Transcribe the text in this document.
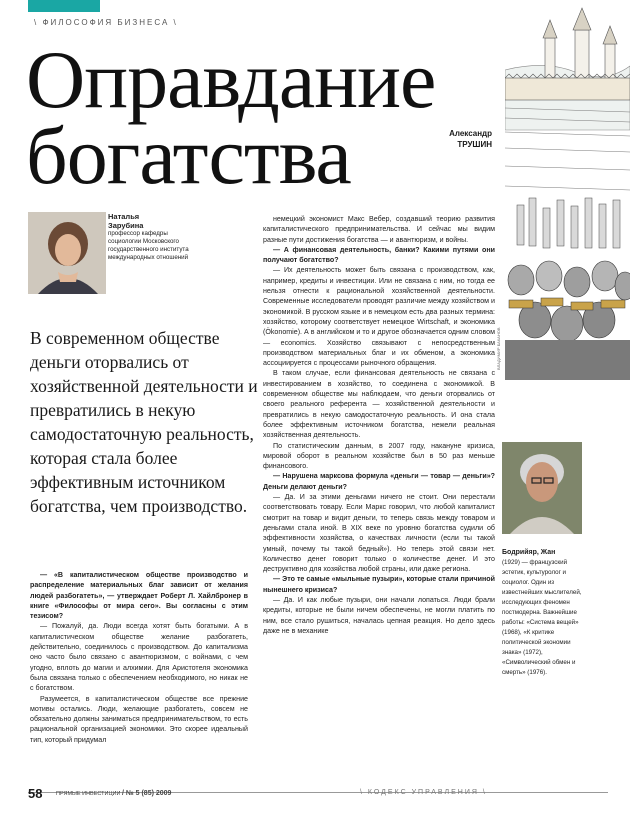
\ ФИЛОСОФИЯ БИЗНЕСА \
Оправдание
богатства	Александр
ТРУШИН
ВЛАДИМИР БАКАНОВ
Наталья
Зарубина
профессор кафедры социологии Московского государственного института международных отношений
В современном обществе деньги оторвались от хозяйственной деятельности и превратились в некую самодостаточную реальность, которая стала более эффективным источником богатства, чем производство.

— «В капиталистическом обществе производство и распределение материальных благ зависит от желания людей разбогатеть», — утверждает Роберт Л. Хайлбронер в книге «Философы от мира сего». Вы согласны с этим тезисом?

— Пожалуй, да. Люди всегда хотят быть богатыми. А в капиталистическом обществе желание разбогатеть, действительно, соединилось с производством. До капитализма оно часто было связано с авантюризмом, с войнами, с чем угодно, вплоть до магии и алхимии. Для Аристотеля экономика была связана только с обеспечением необходимого, но никак не с богатством.

Разумеется, в капиталистическом обществе все прежние мотивы остались. Люди, желающие разбогатеть, совсем не обязательно должны заниматься предпринимательством, то есть рациональной организацией экономики. Это скорее идеальный тип, который придумал

немецкий экономист Макс Вебер, создавший теорию развития капиталистического предпринимательства. И сейчас мы видим разные пути достижения богатства — и авантюризм, и войны.

— А финансовая деятельность, банки? Какими путями они получают богатство?

— Их деятельность может быть связана с производством, как, например, кредиты и инвестиции. Или не связана с ним, но тогда ее нельзя отнести к рациональной хозяйственной деятельности. Современные исследователи проводят различие между хозяйством и экономикой. В русском языке и в немецком есть два разных термина: хозяйство, которому соответствует немецкое Wirtschaft, и экономика (Ökonomie). А в английском и то и другое обозначается одним словом — economics. Хозяйство связывают с непосредственным производством материальных благ и их обменом, а экономика ассоциируется с процессами рыночного обращения.

В таком случае, если финансовая деятельность не связана с инвестированием в хозяйство, то соединена с экономикой. В современном обществе мы наблюдаем, что деньги оторвались от своего реального референта — хозяйственной деятельности и превратились в некую самодостаточную реальность. И она стала более эффективным источником богатства, нежели реальная хозяйственная деятельность.

По статистическим данным, в 2007 году, накануне кризиса, мировой оборот в реальном хозяйстве был в 50 раз меньше финансового.

— Нарушена марксова формула «деньги — товар — деньги»? Деньги делают деньги?

— Да. И за этими деньгами ничего не стоит. Они перестали соответствовать товару. Если Маркс говорил, что любой капиталист смотрит на товар и видит деньги, то теперь связь между товаром и деньгами стала иной. В XIX веке по уровню богатства судили об эффективности хозяйства, о качествах личности (если ты такой умный, почему ты такой бедный»). Но теперь этой связи нет. Количество денег говорит только о количестве денег. И это деструктивно для хозяйства любой страны, или даже региона.

— Это те самые «мыльные пузыри», которые стали причиной нынешнего кризиса?

— Да. И как любые пузыри, они начали лопаться. Люди брали кредиты, которые не были ничем обеспечены, не могли платить по ним, все стало рушиться, началась цепная реакция. Но дело здесь даже не в механике

Бодрийяр, Жан
(1929) — французский эстетик, культуролог и социолог. Один из известнейших мыслителей, исследующих феномен постмодерна. Важнейшие работы: «Система вещей» (1968), «К критике политической экономии знака» (1972), «Символический обмен и смерть» (1976).
58 ПРЯМЫЕ ИНВЕСТИЦИИ / № 5 (85) 2009	\ КОДЕКС УПРАВЛЕНИЯ \
